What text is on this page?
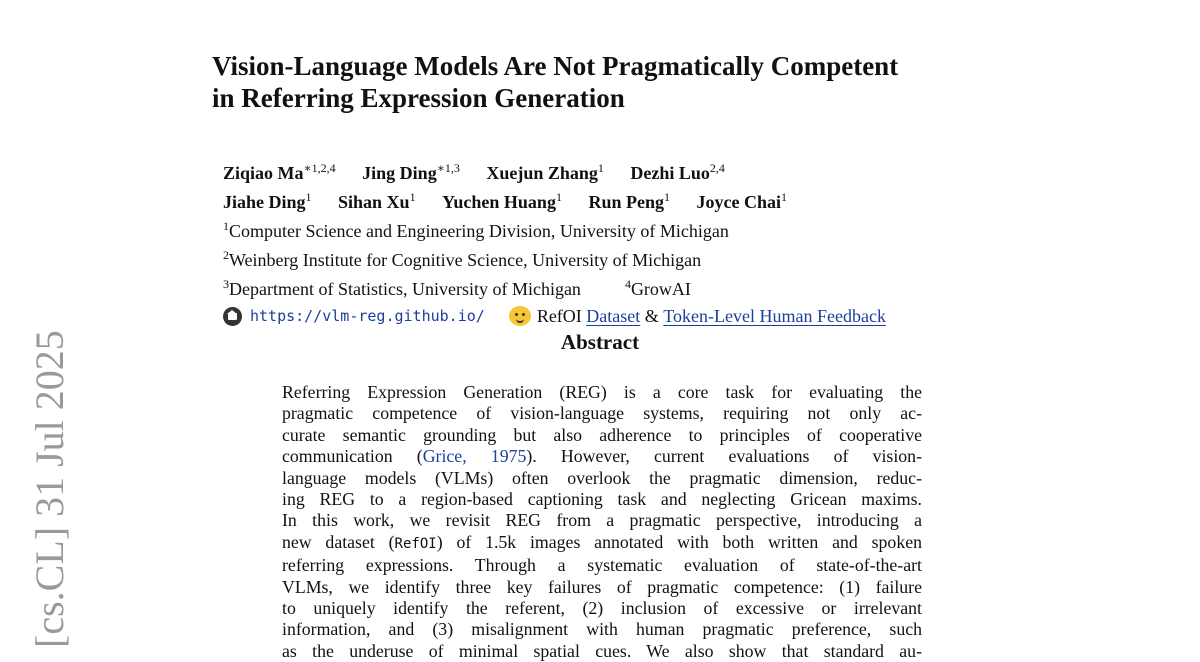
Vision-Language Models Are Not Pragmatically Competent
in Referring Expression Generation
Ziqiao $Ma^{∗1,2,4}$ Jing Ding$^{∗1,3}$ Xuejun Zhang$^1$ Dezhi Luo$^{2,4}$
Jiahe Ding$^1$ Sihan Xu$^1$ Yuchen Huang$^1$ Run Peng$^1$ Joyce Chai$^1$
$^1$Computer Science and Engineering Division, University of Michigan
$^2$Weinberg Institute for Cognitive Science, University of Michigan
$^3$Department of Statistics, University of Michigan	$^4$GrowAI
https://vlm-reg.github.io/	RefOI
Dataset
&
Token-Level Human Feedback
Abstract
Referring Expression Generation (REG) is a core task for evaluating the
pragmatic competence of vision-language systems, requiring not only ac-
curate semantic grounding but also adherence to principles of cooperative
communication (Grice, 1975). However, current evaluations of vision-
language models (VLMs) often overlook the pragmatic dimension, reduc-
ing REG to a region-based captioning task and neglecting Gricean maxims.
In this work, we revisit REG from a pragmatic perspective, introducing a
new dataset (RefOI) of 1.5k images annotated with both written and spoken
referring expressions. Through a systematic evaluation of state-of-the-art
VLMs, we identify three key failures of pragmatic competence: (1) failure
to uniquely identify the referent, (2) inclusion of excessive or irrelevant
information, and (3) misalignment with human pragmatic preference, such
as the underuse of minimal spatial cues. We also show that standard au-
[cs.CL] 31 Jul 2025
